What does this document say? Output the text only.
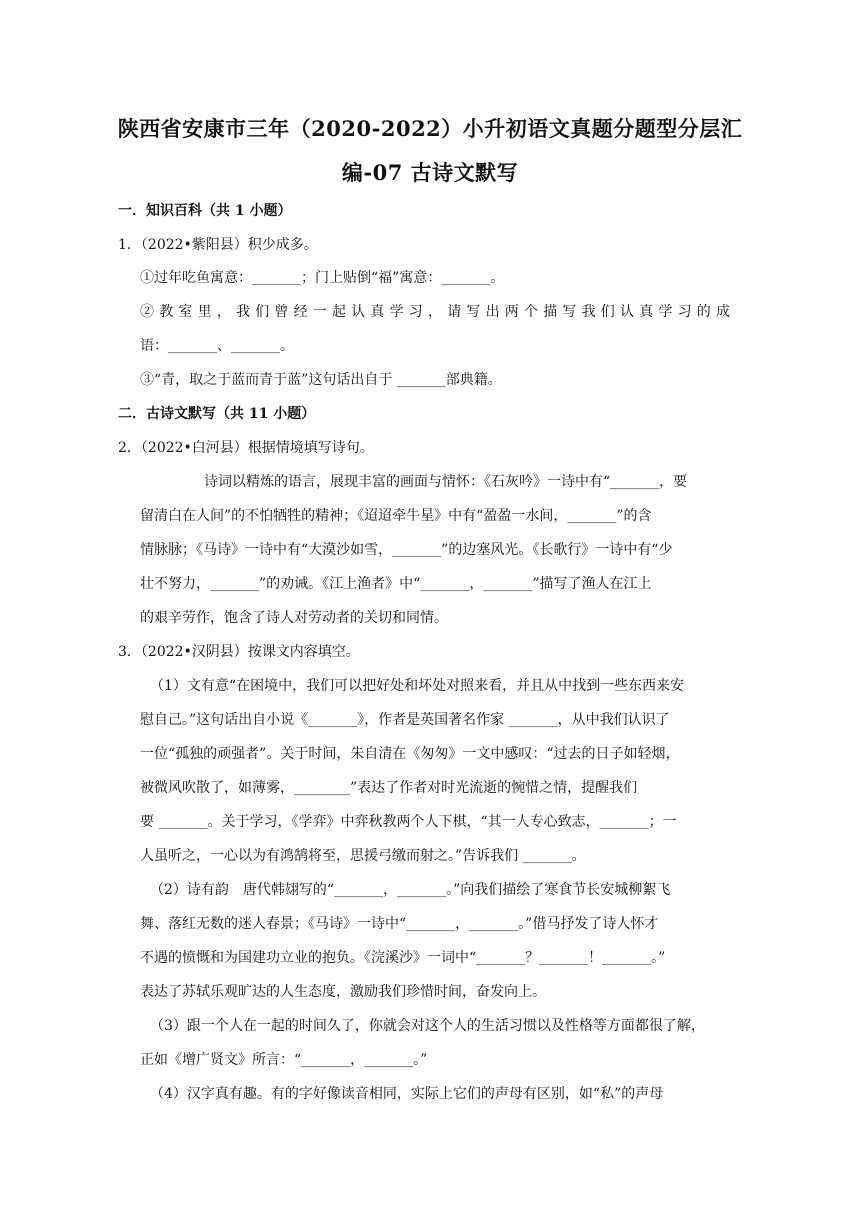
陕西省安康市三年（2020-2022）小升初语文真题分题型分层汇
编-07 古诗文默写
一．知识百科（共 1 小题）
1．（2022•紫阳县）积少成多。
①过年吃鱼寓意：_______；门上贴倒“福”寓意：_______。
②教室里，我们曾经一起认真学习，请写出两个描写我们认真学习的成
语：_______、_______。
③“青，取之于蓝而青于蓝”这句话出自于 _______部典籍。
二．古诗文默写（共 11 小题）
2．（2022•白河县）根据情境填写诗句。
诗词以精炼的语言，展现丰富的画面与情怀：《石灰吟》一诗中有“_______，要
留清白在人间”的不怕牺牲的精神；《迢迢牵牛星》中有“盈盈一水间，_______”的含
情脉脉；《马诗》一诗中有“大漠沙如雪，_______”的边塞风光。《长歌行》一诗中有“少
壮不努力，_______”的劝诫。《江上渔者》中“_______，_______”描写了渔人在江上
的艰辛劳作，饱含了诗人对劳动者的关切和同情。
3．（2022•汉阴县）按课文内容填空。
（1）文有意“在困境中，我们可以把好处和坏处对照来看，并且从中找到一些东西来安
慰自己。”这句话出自小说《_______》，作者是英国著名作家 _______，从中我们认识了
一位“孤独的顽强者”。关于时间，朱自清在《匆匆》一文中感叹：“过去的日子如轻烟，
被微风吹散了，如薄雾，________”表达了作者对时光流逝的惋惜之情，提醒我们
要 _______。关于学习，《学弈》中弈秋教两个人下棋，“其一人专心致志，_______；一
人虽听之，一心以为有鸿鹄将至，思援弓缴而射之。”告诉我们 _______。
（2）诗有韵　唐代韩翃写的“_______，_______。”向我们描绘了寒食节长安城柳絮飞
舞、落红无数的迷人春景；《马诗》一诗中“_______，_______。”借马抒发了诗人怀才
不遇的愤慨和为国建功立业的抱负。《浣溪沙》一词中“_______？_______！_______。”
表达了苏轼乐观旷达的人生态度，激励我们珍惜时间，奋发向上。
（3）跟一个人在一起的时间久了，你就会对这个人的生活习惯以及性格等方面都很了解，
正如《增广贤文》所言：“_______，_______。”
（4）汉字真有趣。有的字好像读音相同，实际上它们的声母有区别，如“私”的声母
